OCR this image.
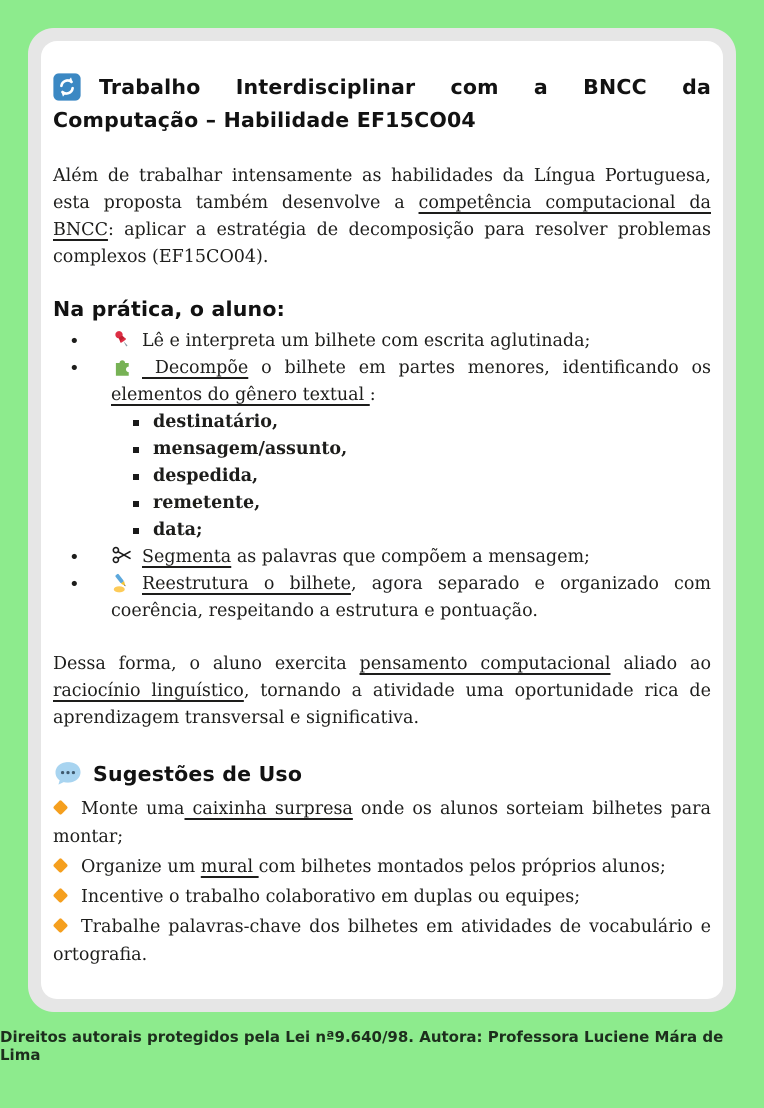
Trabalho Interdisciplinar com a BNCC da Computação – Habilidade EF15CO04

Além de trabalhar intensamente as habilidades da Língua Portuguesa, esta proposta também desenvolve a competência computacional da BNCC: aplicar a estratégia de decomposição para resolver problemas complexos (EF15CO04).

Na prática, o aluno:
•	Lê e interpreta um bilhete com escrita aglutinada;
•	Decompõe o bilhete em partes menores, identificando os elementos do gênero textual :
destinatário,
mensagem/assunto,
despedida,
remetente,
data;
•	Segmenta as palavras que compõem a mensagem;
•	Reestrutura o bilhete, agora separado e organizado com coerência, respeitando a estrutura e pontuação.

Dessa forma, o aluno exercita pensamento computacional aliado ao raciocínio linguístico, tornando a atividade uma oportunidade rica de aprendizagem transversal e significativa.

Sugestões de Uso

Monte uma caixinha surpresa onde os alunos sorteiam bilhetes para montar;

Organize um mural com bilhetes montados pelos próprios alunos;

Incentive o trabalho colaborativo em duplas ou equipes;

Trabalhe palavras-chave dos bilhetes em atividades de vocabulário e ortografia.

Direitos autorais protegidos pela Lei nª9.640/98. Autora: Professora Luciene Mára de Lima
